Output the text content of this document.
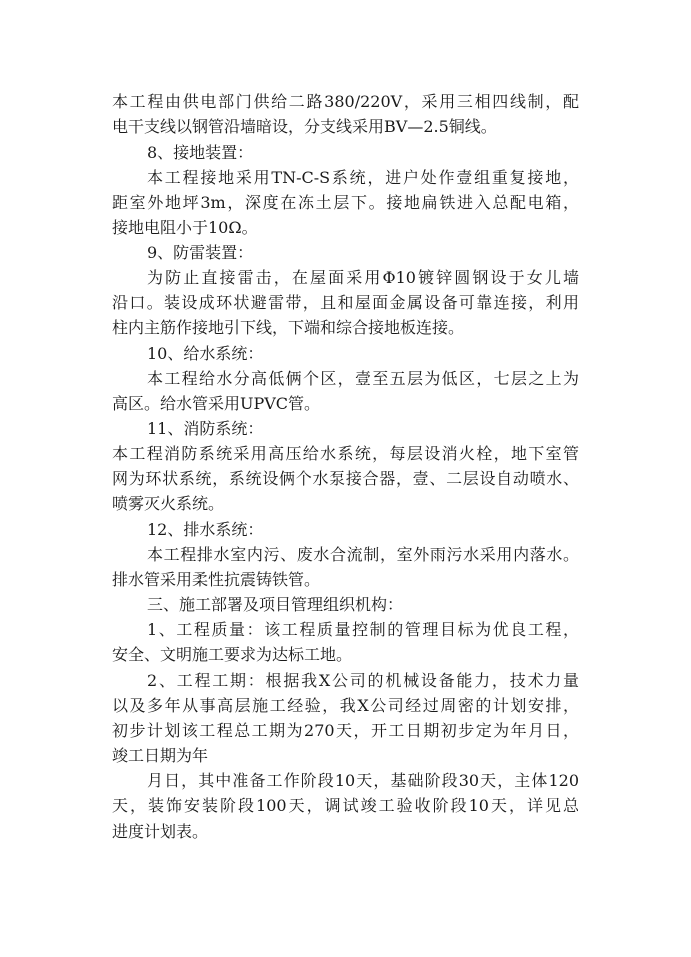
本工程由供电部门供给二路380/220V，采用三相四线制，配

电干支线以钢管沿墙暗设，分支线采用BV—2.5铜线。

8、接地装置：

本工程接地采用TN-C-S系统，进户处作壹组重复接地，

距室外地坪3m，深度在冻土层下。接地扁铁进入总配电箱，

接地电阻小于10Ω。

9、防雷装置：

为防止直接雷击，在屋面采用Φ10镀锌圆钢设于女儿墙

沿口。装设成环状避雷带，且和屋面金属设备可靠连接，利用

柱内主筋作接地引下线，下端和综合接地板连接。

10、给水系统：

本工程给水分高低俩个区，壹至五层为低区，七层之上为

高区。给水管采用UPVC管。

11、消防系统：

本工程消防系统采用高压给水系统，每层设消火栓，地下室管

网为环状系统，系统设俩个水泵接合器，壹、二层设自动喷水、

喷雾灭火系统。

12、排水系统：

本工程排水室内污、废水合流制，室外雨污水采用内落水。

排水管采用柔性抗震铸铁管。

三、施工部署及项目管理组织机构：

1、工程质量：该工程质量控制的管理目标为优良工程，

安全、文明施工要求为达标工地。

2、工程工期：根据我X公司的机械设备能力，技术力量

以及多年从事高层施工经验，我X公司经过周密的计划安排，

初步计划该工程总工期为270天，开工日期初步定为年月日，

竣工日期为年

月日，其中准备工作阶段10天，基础阶段30天，主体120

天，装饰安装阶段100天，调试竣工验收阶段10天，详见总

进度计划表。
